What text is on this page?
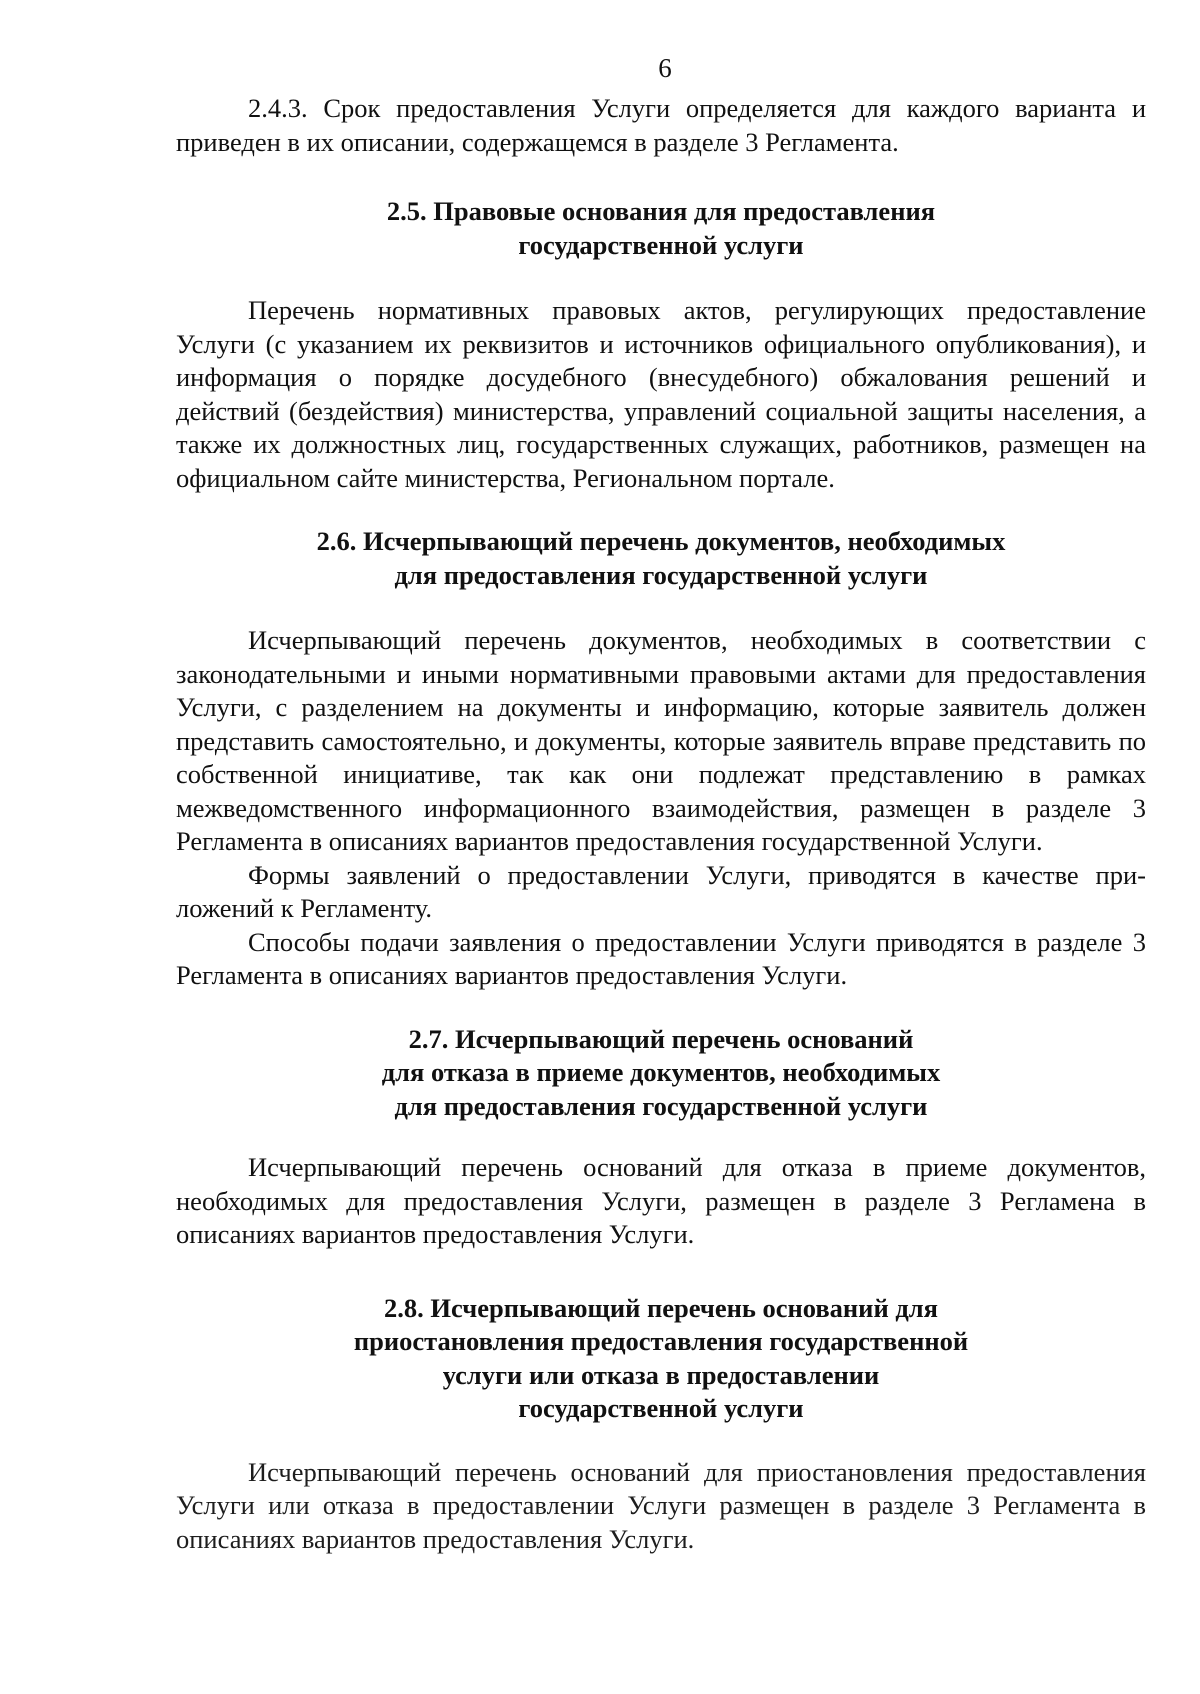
6

2.4.3. Срок предоставления Услуги определяется для каждого варианта и приведен в их описании, содержащемся в разделе 3 Регламента.

2.5. Правовые основания для предоставления
государственной услуги

Перечень нормативных правовых актов, регулирующих предоставление Услуги (с указанием их реквизитов и источников официального опубликования), и информация о порядке досудебного (внесудебного) обжалования решений и действий (бездействия) министерства, управлений социальной защиты населения, а также их должностных лиц, государственных служащих, работников, размещен на официальном сайте министерства, Региональном портале.

2.6. Исчерпывающий перечень документов, необходимых
для предоставления государственной услуги

Исчерпывающий перечень документов, необходимых в соответствии с законодательными и иными нормативными правовыми актами для предоставления Услуги, с разделением на документы и информацию, которые заявитель должен представить самостоятельно, и документы, которые заявитель вправе представить по собственной инициативе, так как они подлежат представлению в рамках межведомственного информационного взаимодействия, размещен в разделе 3 Регламента в описаниях вариантов предоставления государственной Услуги.

Формы заявлений о предоставлении Услуги, приводятся в качестве приложений к Регламенту.

Способы подачи заявления о предоставлении Услуги приводятся в разделе 3 Регламента в описаниях вариантов предоставления Услуги.

2.7. Исчерпывающий перечень оснований
для отказа в приеме документов, необходимых
для предоставления государственной услуги

Исчерпывающий перечень оснований для отказа в приеме документов, необходимых для предоставления Услуги, размещен в разделе 3 Регламена в описаниях вариантов предоставления Услуги.

2.8. Исчерпывающий перечень оснований для
приостановления предоставления государственной
услуги или отказа в предоставлении
государственной услуги

Исчерпывающий перечень оснований для приостановления предоставления Услуги или отказа в предоставлении Услуги размещен в разделе 3 Регламента в описаниях вариантов предоставления Услуги.
